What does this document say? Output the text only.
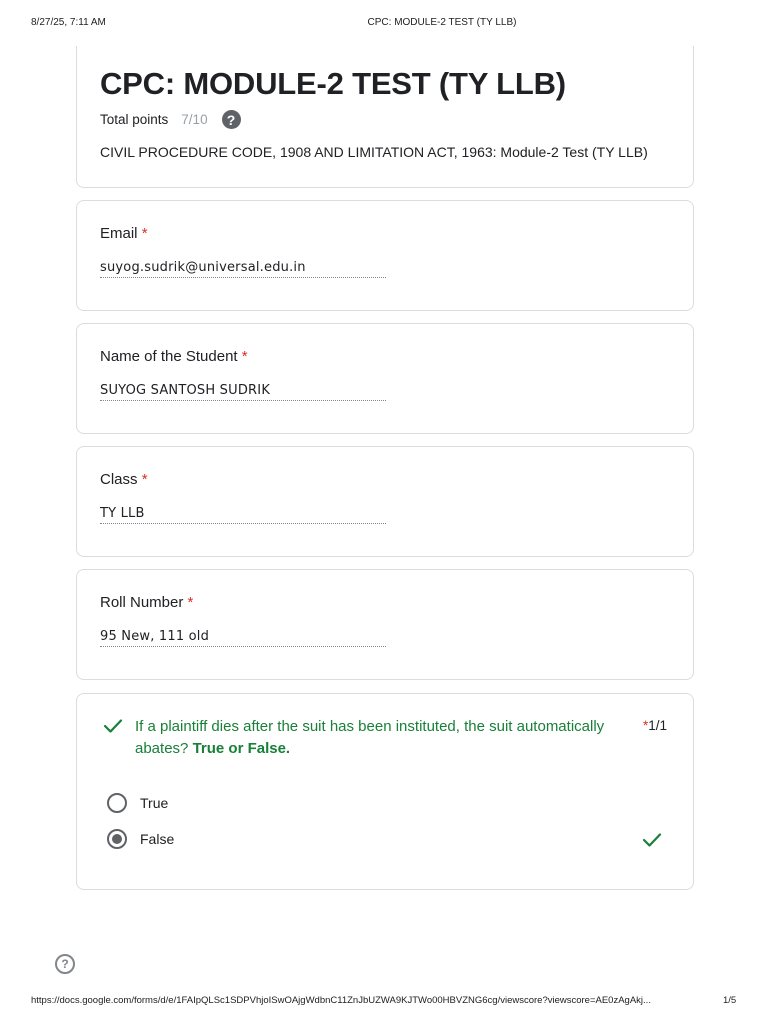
8/27/25, 7:11 AM	CPC: MODULE-2 TEST (TY LLB)
CPC: MODULE-2 TEST (TY LLB)
Total points 7/10	?
CIVIL PROCEDURE CODE, 1908 AND LIMITATION ACT, 1963: Module-2 Test (TY LLB)
Email *
suyog.sudrik@universal.edu.in
Name of the Student *
SUYOG SANTOSH SUDRIK
Class *
TY LLB
Roll Number *
95 New, 111 old
If a plaintiff dies after the suit has been instituted, the suit automatically abates? True or False.
*1/1
True
False
?
https://docs.google.com/forms/d/e/1FAIpQLSc1SDPVhjoISwOAjgWdbnC11ZnJbUZWA9KJTWo00HBVZNG6cg/viewscore?viewscore=AE0zAgAkj...	1/5
